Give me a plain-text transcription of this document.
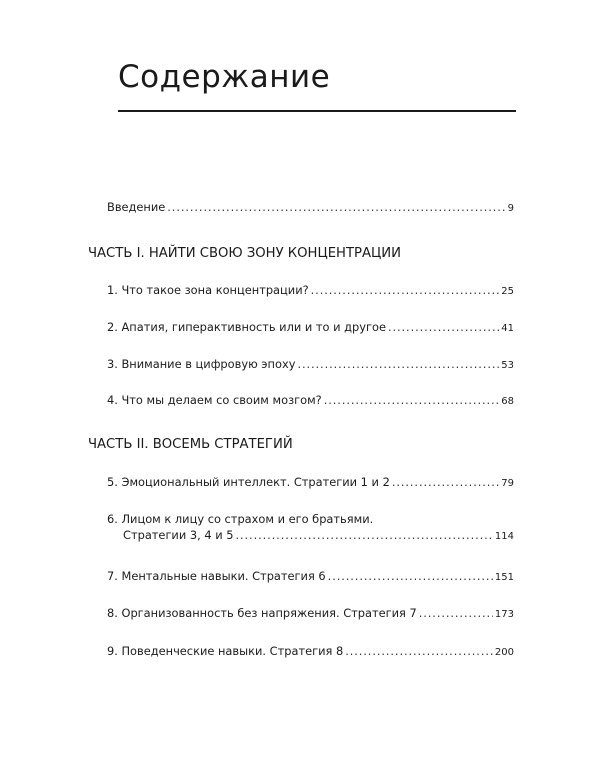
Содержание
Введение .....	9
ЧАСТЬ I. НАЙТИ СВОЮ ЗОНУ КОНЦЕНТРАЦИИ
1. Что такое зона концентрации? .....	25
2. Апатия, гиперактивность или и то и другое .....	41
3. Внимание в цифровую эпоху .....	53
4. Что мы делаем со своим мозгом? .....	68
ЧАСТЬ II. ВОСЕМЬ СТРАТЕГИЙ
5. Эмоциональный интеллект. Стратегии 1 и 2 .....	79
6. Лицом к лицу со страхом и его братьями.
Стратегии 3, 4 и 5 .....	114
7. Ментальные навыки. Стратегия 6 .....	151
8. Организованность без напряжения. Стратегия 7 .....	173
9. Поведенческие навыки. Стратегия 8 .....	200
